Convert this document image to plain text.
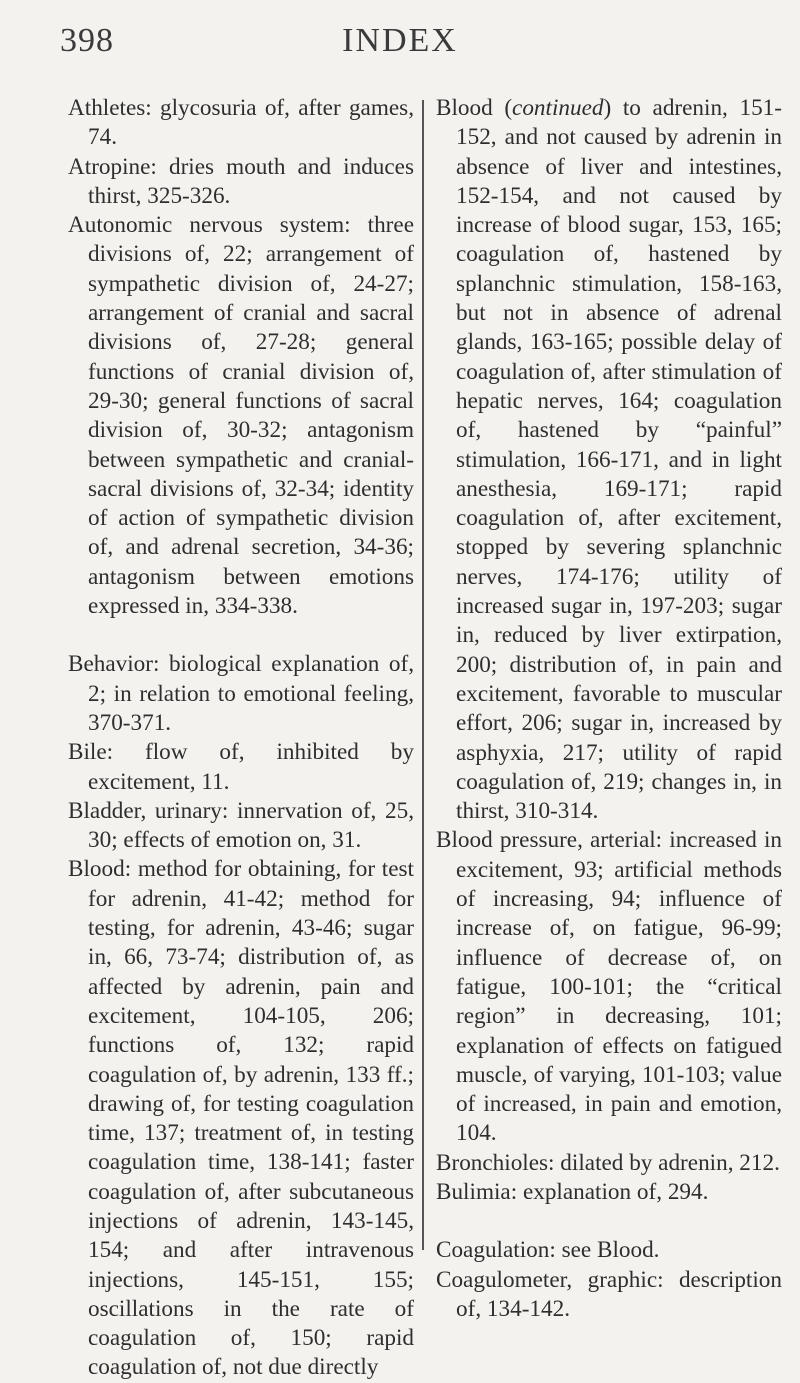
398	INDEX

Athletes: glycosuria of, after games, 74.

Atropine: dries mouth and induces thirst, 325-326.

Autonomic nervous system: three divisions of, 22; arrangement of sympathetic division of, 24-27; arrangement of cranial and sacral divisions of, 27-28; general functions of cranial division of, 29-30; general functions of sacral division of, 30-32; antagonism between sympathetic and cranial-sacral divisions of, 32-34; identity of action of sympathetic division of, and adrenal secretion, 34-36; antagonism between emotions expressed in, 334-338.

Behavior: biological explanation of, 2; in relation to emotional feeling, 370-371.

Bile: flow of, inhibited by excitement, 11.

Bladder, urinary: innervation of, 25, 30; effects of emotion on, 31.

Blood: method for obtaining, for test for adrenin, 41-42; method for testing, for adrenin, 43-46; sugar in, 66, 73-74; distribution of, as affected by adrenin, pain and excitement, 104-105, 206; functions of, 132; rapid coagulation of, by adrenin, 133 ff.; drawing of, for testing coagulation time, 137; treatment of, in testing coagulation time, 138-141; faster coagulation of, after subcutaneous injections of adrenin, 143-145, 154; and after intravenous injections, 145-151, 155; oscillations in the rate of coagulation of, 150; rapid coagulation of, not due directly

Blood (continued) to adrenin, 151-152, and not caused by adrenin in absence of liver and intestines, 152-154, and not caused by increase of blood sugar, 153, 165; coagulation of, hastened by splanchnic stimulation, 158-163, but not in absence of adrenal glands, 163-165; possible delay of coagulation of, after stimulation of hepatic nerves, 164; coagulation of, hastened by “painful” stimulation, 166-171, and in light anesthesia, 169-171; rapid coagulation of, after excitement, stopped by severing splanchnic nerves, 174-176; utility of increased sugar in, 197-203; sugar in, reduced by liver extirpation, 200; distribution of, in pain and excitement, favorable to muscular effort, 206; sugar in, increased by asphyxia, 217; utility of rapid coagulation of, 219; changes in, in thirst, 310-314.

Blood pressure, arterial: increased in excitement, 93; artificial methods of increasing, 94; influence of increase of, on fatigue, 96-99; influence of decrease of, on fatigue, 100-101; the “critical region” in decreasing, 101; explanation of effects on fatigued muscle, of varying, 101-103; value of increased, in pain and emotion, 104.

Bronchioles: dilated by adrenin, 212.

Bulimia: explanation of, 294.

Coagulation: see Blood.

Coagulometer, graphic: description of, 134-142.
